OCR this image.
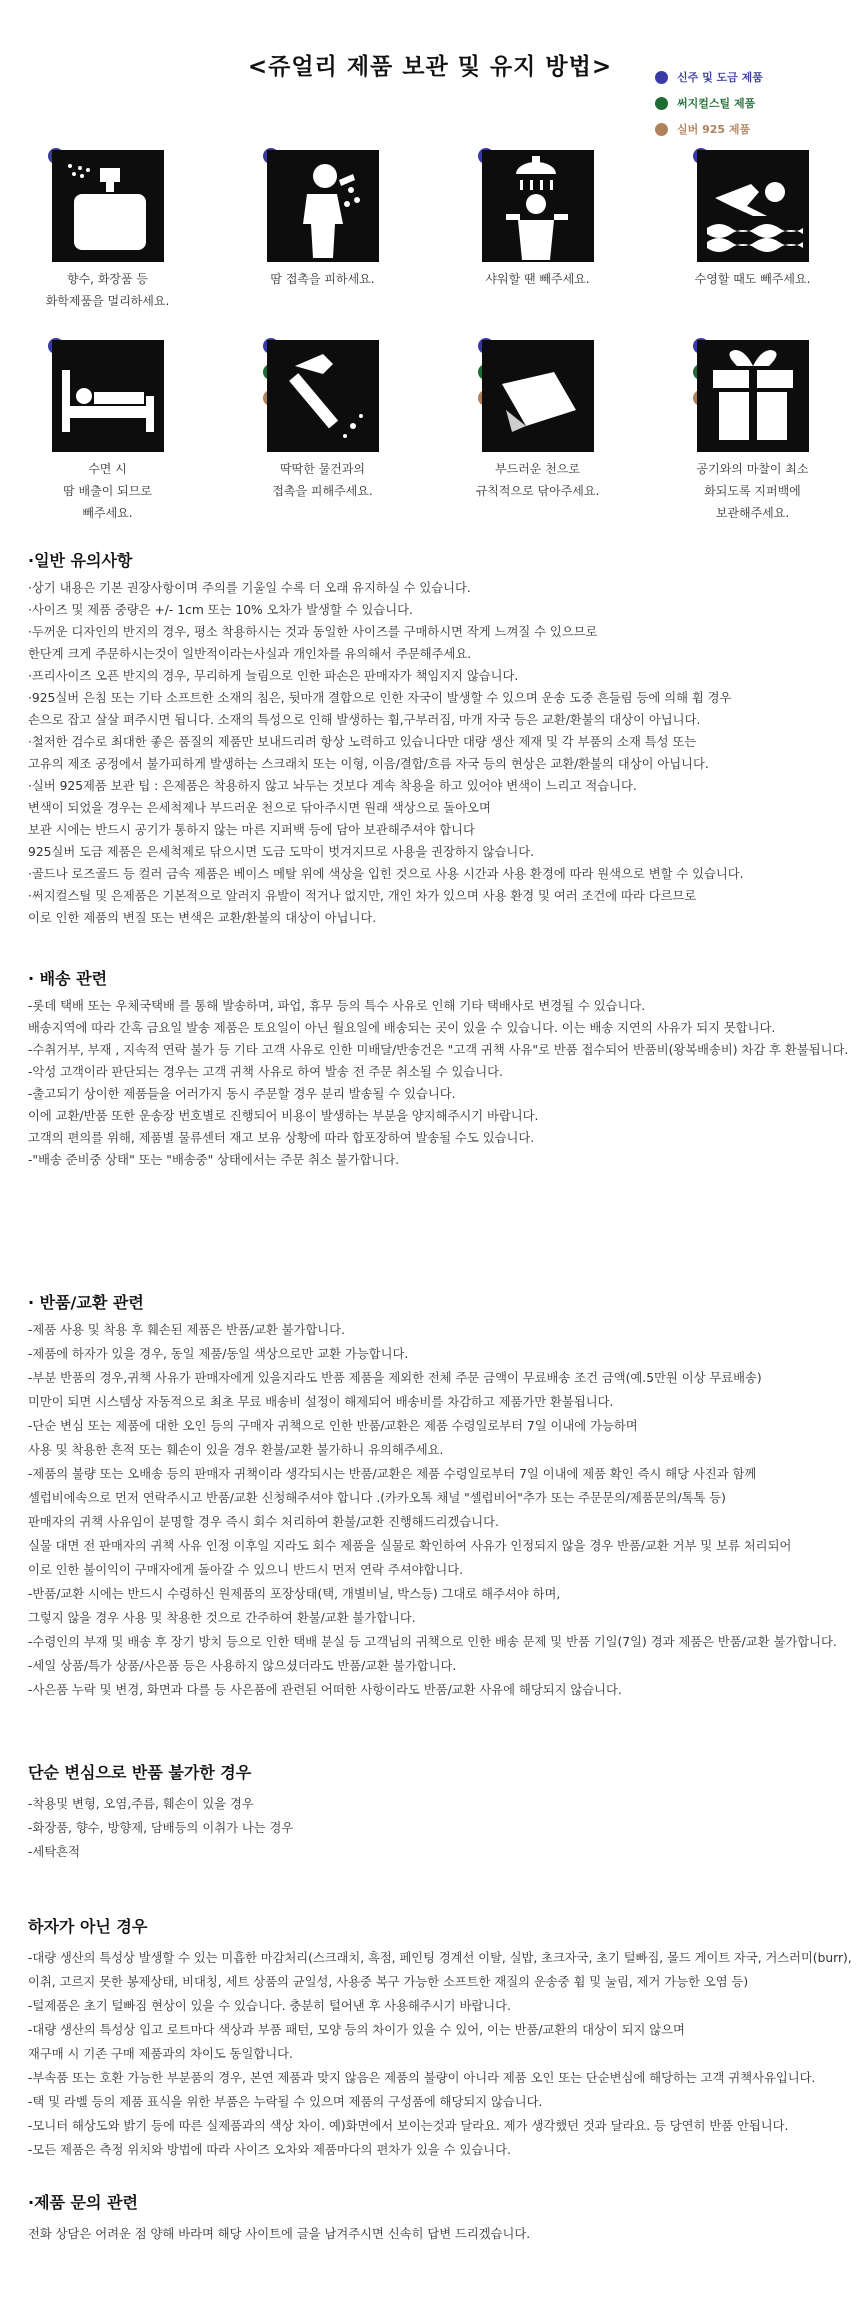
<쥬얼리 제품 보관 및 유지 방법>	신주 및 도금 제품
써지컬스틸 제품
실버 925 제품
향수, 화장품 등
화학제품을 멀리하세요.
땀 접촉을 피하세요.	샤워할 땐 빼주세요.	수영할 때도 빼주세요.
수면 시
땀 배출이 되므로
빼주세요.
딱딱한 물건과의
접촉을 피해주세요.
부드러운 천으로
규칙적으로 닦아주세요.
공기와의 마찰이 최소
화되도록 지퍼백에
보관해주세요.
·일반 유의사항
·상기 내용은 기본 권장사항이며 주의를 기울일 수록 더 오래 유지하실 수 있습니다.
·사이즈 및 제품 중량은 +/- 1cm 또는 10% 오차가 발생할 수 있습니다.
·두꺼운 디자인의 반지의 경우, 평소 착용하시는 것과 동일한 사이즈를 구매하시면 작게 느껴질 수 있으므로
한단계 크게 주문하시는것이 일반적이라는사실과 개인차를 유의해서 주문해주세요.
·프리사이즈 오픈 반지의 경우, 무리하게 늘림으로 인한 파손은 판매자가 책임지지 않습니다.
·925실버 은침 또는 기타 소프트한 소재의 침은, 뒷마개 결합으로 인한 자국이 발생할 수 있으며 운송 도중 흔들림 등에 의해 휨 경우
손으로 잡고 살살 펴주시면 됩니다. 소재의 특성으로 인해 발생하는 휨,구부러짐, 마개 자국 등은 교환/환불의 대상이 아닙니다.
·철저한 검수로 최대한 좋은 품질의 제품만 보내드리려 항상 노력하고 있습니다만 대량 생산 제재 및 각 부품의 소재 특성 또는
고유의 제조 공정에서 불가피하게 발생하는 스크래치 또는 이형, 이음/결합/흐름 자국 등의 현상은 교환/환불의 대상이 아닙니다.
·실버 925제품 보관 팁 : 은제품은 착용하지 않고 놔두는 것보다 계속 착용을 하고 있어야 변색이 느리고 적습니다.
변색이 되었을 경우는 은세척제나 부드러운 천으로 닦아주시면 원래 색상으로 돌아오며
보관 시에는 반드시 공기가 통하지 않는 마른 지퍼백 등에 담아 보관해주셔야 합니다
925실버 도금 제품은 은세척제로 닦으시면 도금 도막이 벗겨지므로 사용을 권장하지 않습니다.
·골드나 로즈골드 등 컬러 금속 제품은 베이스 메탈 위에 색상을 입힌 것으로 사용 시간과 사용 환경에 따라 원색으로 변할 수 있습니다.
·써지컬스틸 및 은제품은 기본적으로 알러지 유발이 적거나 없지만, 개인 차가 있으며 사용 환경 및 여러 조건에 따라 다르므로
이로 인한 제품의 변질 또는 변색은 교환/환불의 대상이 아닙니다.
· 배송 관련
-롯데 택배 또는 우체국택배 를 통해 발송하며, 파업, 휴무 등의 특수 사유로 인해 기타 택배사로 변경될 수 있습니다.
배송지역에 따라 간혹 금요일 발송 제품은 토요일이 아닌 월요일에 배송되는 곳이 있을 수 있습니다. 이는 배송 지연의 사유가 되지 못합니다.
-수취거부, 부재 , 지속적 연락 불가 등 기타 고객 사유로 인한 미배달/반송건은 "고객 귀책 사유"로 반품 접수되어 반품비(왕복배송비) 차감 후 환불됩니다.
-악성 고객이라 판단되는 경우는 고객 귀책 사유로 하여 발송 전 주문 취소될 수 있습니다.
-출고되기 상이한 제품들을 어러가지 동시 주문할 경우 분리 발송될 수 있습니다.
이에 교환/반품 또한 운송장 번호별로 진행되어 비용이 발생하는 부분을 양지해주시기 바랍니다.
고객의 편의를 위해, 제품별 물류센터 재고 보유 상황에 따라 합포장하여 발송될 수도 있습니다.
-"배송 준비중 상태" 또는 "배송중" 상태에서는 주문 취소 불가합니다.
· 반품/교환 관련
-제품 사용 및 착용 후 훼손된 제품은 반품/교환 불가합니다.
-제품에 하자가 있을 경우, 동일 제품/동일 색상으로만 교환 가능합니다.
-부분 반품의 경우,귀책 사유가 판매자에게 있을지라도 반품 제품을 제외한 전체 주문 금액이 무료배송 조건 금액(예.5만원 이상 무료배송)
미만이 되면 시스템상 자동적으로 최초 무료 배송비 설정이 해제되어 배송비를 차감하고 제품가만 환불됩니다.
-단순 변심 또는 제품에 대한 오인 등의 구매자 귀책으로 인한 반품/교환은 제품 수령일로부터 7일 이내에 가능하며
사용 및 착용한 흔적 또는 훼손이 있을 경우 환불/교환 불가하니 유의해주세요.
-제품의 불량 또는 오배송 등의 판매자 귀책이라 생각되시는 반품/교환은 제품 수령일로부터 7일 이내에 제품 확인 즉시 해당 사진과 함께
셀럽비에속으로 먼저 연락주시고 반품/교환 신청해주셔야 합니다 .(카카오톡 채널 "셀럽비어"추가 또는 주문문의/제품문의/톡톡 등)
판매자의 귀책 사유임이 분명할 경우 즉시 회수 처리하여 환불/교환 진행해드리겠습니다.
실물 대면 전 판매자의 귀책 사유 인정 이후일 지라도 회수 제품을 실물로 확인하여 사유가 인정되지 않을 경우 반품/교환 거부 및 보류 처리되어
이로 인한 불이익이 구매자에게 돌아갈 수 있으니 반드시 먼저 연락 주셔야합니다.
-반품/교환 시에는 반드시 수령하신 원제품의 포장상태(택, 개별비닐, 박스등) 그대로 해주셔야 하며,
그렇지 않을 경우 사용 및 착용한 것으로 간주하여 환불/교환 불가합니다.
-수령인의 부재 및 배송 후 장기 방치 등으로 인한 택배 분실 등 고객님의 귀책으로 인한 배송 문제 및 반품 기일(7일) 경과 제품은 반품/교환 불가합니다.
-세일 상품/특가 상품/사은품 등은 사용하지 않으셨더라도 반품/교환 불가합니다.
-사은품 누락 및 변경, 화면과 다를 등 사은품에 관련된 어떠한 사항이라도 반품/교환 사유에 해당되지 않습니다.
단순 변심으로 반품 불가한 경우
-착용및 변형, 오염,주름, 훼손이 있을 경우
-화장품, 향수, 방향제, 담배등의 이취가 나는 경우
-세탁흔적
하자가 아닌 경우
-대량 생산의 특성상 발생할 수 있는 미흡한 마감처리(스크래치, 흑점, 페인팅 경계선 이탈, 실밥, 초크자국, 초기 털빠짐, 몰드 게이트 자국, 거스러미(burr),
이취, 고르지 못한 봉제상태, 비대칭, 세트 상품의 균일성, 사용중 복구 가능한 소프트한 재질의 운송중 휨 및 눌림, 제거 가능한 오염 등)
-털제품은 초기 털빠짐 현상이 있을 수 있습니다. 충분히 털어낸 후 사용해주시기 바랍니다.
-대량 생산의 특성상 입고 로트마다 색상과 부품 패턴, 모양 등의 차이가 있을 수 있어, 이는 반품/교환의 대상이 되지 않으며
재구매 시 기존 구매 제품과의 차이도 동일합니다.
-부속품 또는 호환 가능한 부분품의 경우, 본연 제품과 맞지 않음은 제품의 불량이 아니라 제품 오인 또는 단순변심에 해당하는 고객 귀책사유입니다.
-택 및 라벨 등의 제품 표식을 위한 부품은 누락될 수 있으며 제품의 구성품에 해당되지 않습니다.
-모니터 해상도와 밝기 등에 따른 실제품과의 색상 차이. 예)화면에서 보이는것과 달라요. 제가 생각했던 것과 달라요. 등 당연히 반품 안됩니다.
-모든 제품은 측정 위치와 방법에 따라 사이즈 오차와 제품마다의 편차가 있을 수 있습니다.
·제품 문의 관련
전화 상담은 어려운 점 양해 바라며 해당 사이트에 글을 남겨주시면 신속히 답변 드리겠습니다.
